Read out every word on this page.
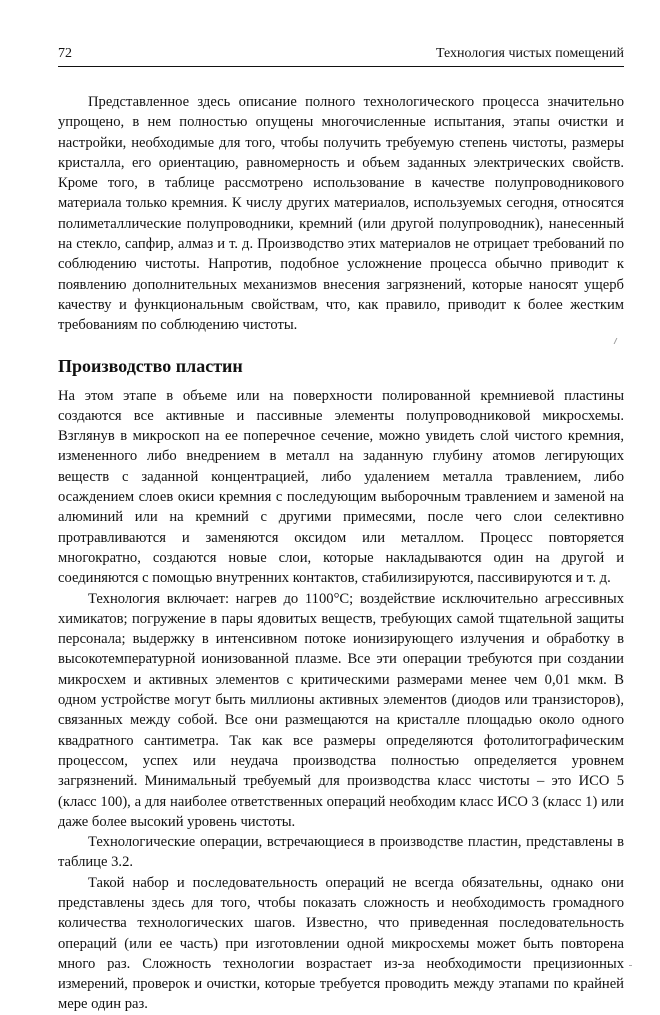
72	Технология чистых помещений

Представленное здесь описание полного технологического процесса значительно упрощено, в нем полностью опущены многочисленные испытания, этапы очистки и настройки, необходимые для того, чтобы получить требуемую степень чистоты, размеры кристалла, его ориентацию, равномерность и объем заданных электрических свойств. Кроме того, в таблице рассмотрено использование в качестве полупроводникового материала только кремния. К числу других материалов, используемых сегодня, относятся полиметаллические полупроводники, кремний (или другой полупроводник), нанесенный на стекло, сапфир, алмаз и т. д. Производство этих материалов не отрицает требований по соблюдению чистоты. Напротив, подобное усложнение процесса обычно приводит к появлению дополнительных механизмов внесения загрязнений, которые наносят ущерб качеству и функциональным свойствам, что, как правило, приводит к более жестким требованиям по соблюдению чистоты.

Производство пластин

На этом этапе в объеме или на поверхности полированной кремниевой пластины создаются все активные и пассивные элементы полупроводниковой микросхемы. Взглянув в микроскоп на ее поперечное сечение, можно увидеть слой чистого кремния, измененного либо внедрением в металл на заданную глубину атомов легирующих веществ с заданной концентрацией, либо удалением металла травлением, либо осаждением слоев окиси кремния с последующим выборочным травлением и заменой на алюминий или на кремний с другими примесями, после чего слои селективно протравливаются и заменяются оксидом или металлом. Процесс повторяется многократно, создаются новые слои, которые накладываются один на другой и соединяются с помощью внутренних контактов, стабилизируются, пассивируются и т. д.

Технология включает: нагрев до 1100°С; воздействие исключительно агрессивных химикатов; погружение в пары ядовитых веществ, требующих самой тщательной защиты персонала; выдержку в интенсивном потоке ионизирующего излучения и обработку в высокотемпературной ионизованной плазме. Все эти операции требуются при создании микросхем и активных элементов с критическими размерами менее чем 0,01 мкм. В одном устройстве могут быть миллионы активных элементов (диодов или транзисторов), связанных между собой. Все они размещаются на кристалле площадью около одного квадратного сантиметра. Так как все размеры определяются фотолитографическим процессом, успех или неудача производства полностью определяется уровнем загрязнений. Минимальный требуемый для производства класс чистоты – это ИСО 5 (класс 100), а для наиболее ответственных операций необходим класс ИСО 3 (класс 1) или даже более высокий уровень чистоты.

Технологические операции, встречающиеся в производстве пластин, представлены в таблице 3.2.

Такой набор и последовательность операций не всегда обязательны, однако они представлены здесь для того, чтобы показать сложность и необходимость громадного количества технологических шагов. Известно, что приведенная последовательность операций (или ее часть) при изготовлении одной микросхемы может быть повторена много раз. Сложность технологии возрастает из-за необходимости прецизионных измерений, проверок и очистки, которые требуется проводить между этапами по крайней мере один раз.
